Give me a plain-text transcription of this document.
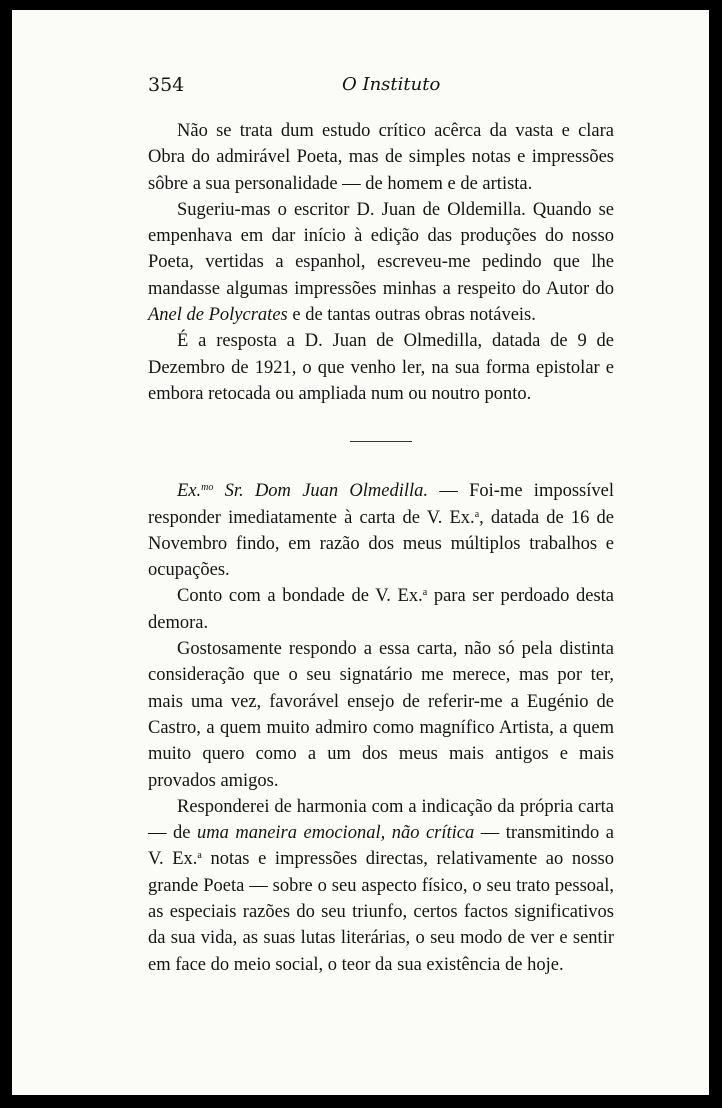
354	O Instituto

Não se trata dum estudo crítico acêrca da vasta e clara Obra do admirável Poeta, mas de simples notas e impressões sôbre a sua personalidade — de homem e de artista.

Sugeriu-mas o escritor D. Juan de Oldemilla. Quando se empenhava em dar início à edição das produções do nosso Poeta, vertidas a espanhol, escreveu-me pedindo que lhe mandasse algumas impressões minhas a respeito do Autor do Anel de Polycrates e de tantas outras obras notáveis.

É a resposta a D. Juan de Olmedilla, datada de 9 de Dezembro de 1921, o que venho ler, na sua forma epistolar e embora retocada ou ampliada num ou noutro ponto.

Ex.$^{mo}$ Sr. Dom Juan Olmedilla. — Foi-me impossível responder imediatamente à carta de V. Ex.$^a$, datada de 16 de Novembro findo, em razão dos meus múltiplos trabalhos e ocupações.

Conto com a bondade de V. Ex.$^a$ para ser perdoado desta demora.

Gostosamente respondo a essa carta, não só pela distinta consideração que o seu signatário me merece, mas por ter, mais uma vez, favorável ensejo de referir-me a Eugénio de Castro, a quem muito admiro como magnífico Artista, a quem muito quero como a um dos meus mais antigos e mais provados amigos.

Responderei de harmonia com a indicação da própria carta — de uma maneira emocional, não crítica — transmitindo a V. Ex.$^a$ notas e impressões directas, relativamente ao nosso grande Poeta — sobre o seu aspecto físico, o seu trato pessoal, as especiais razões do seu triunfo, certos factos significativos da sua vida, as suas lutas literárias, o seu modo de ver e sentir em face do meio social, o teor da sua existência de hoje.
